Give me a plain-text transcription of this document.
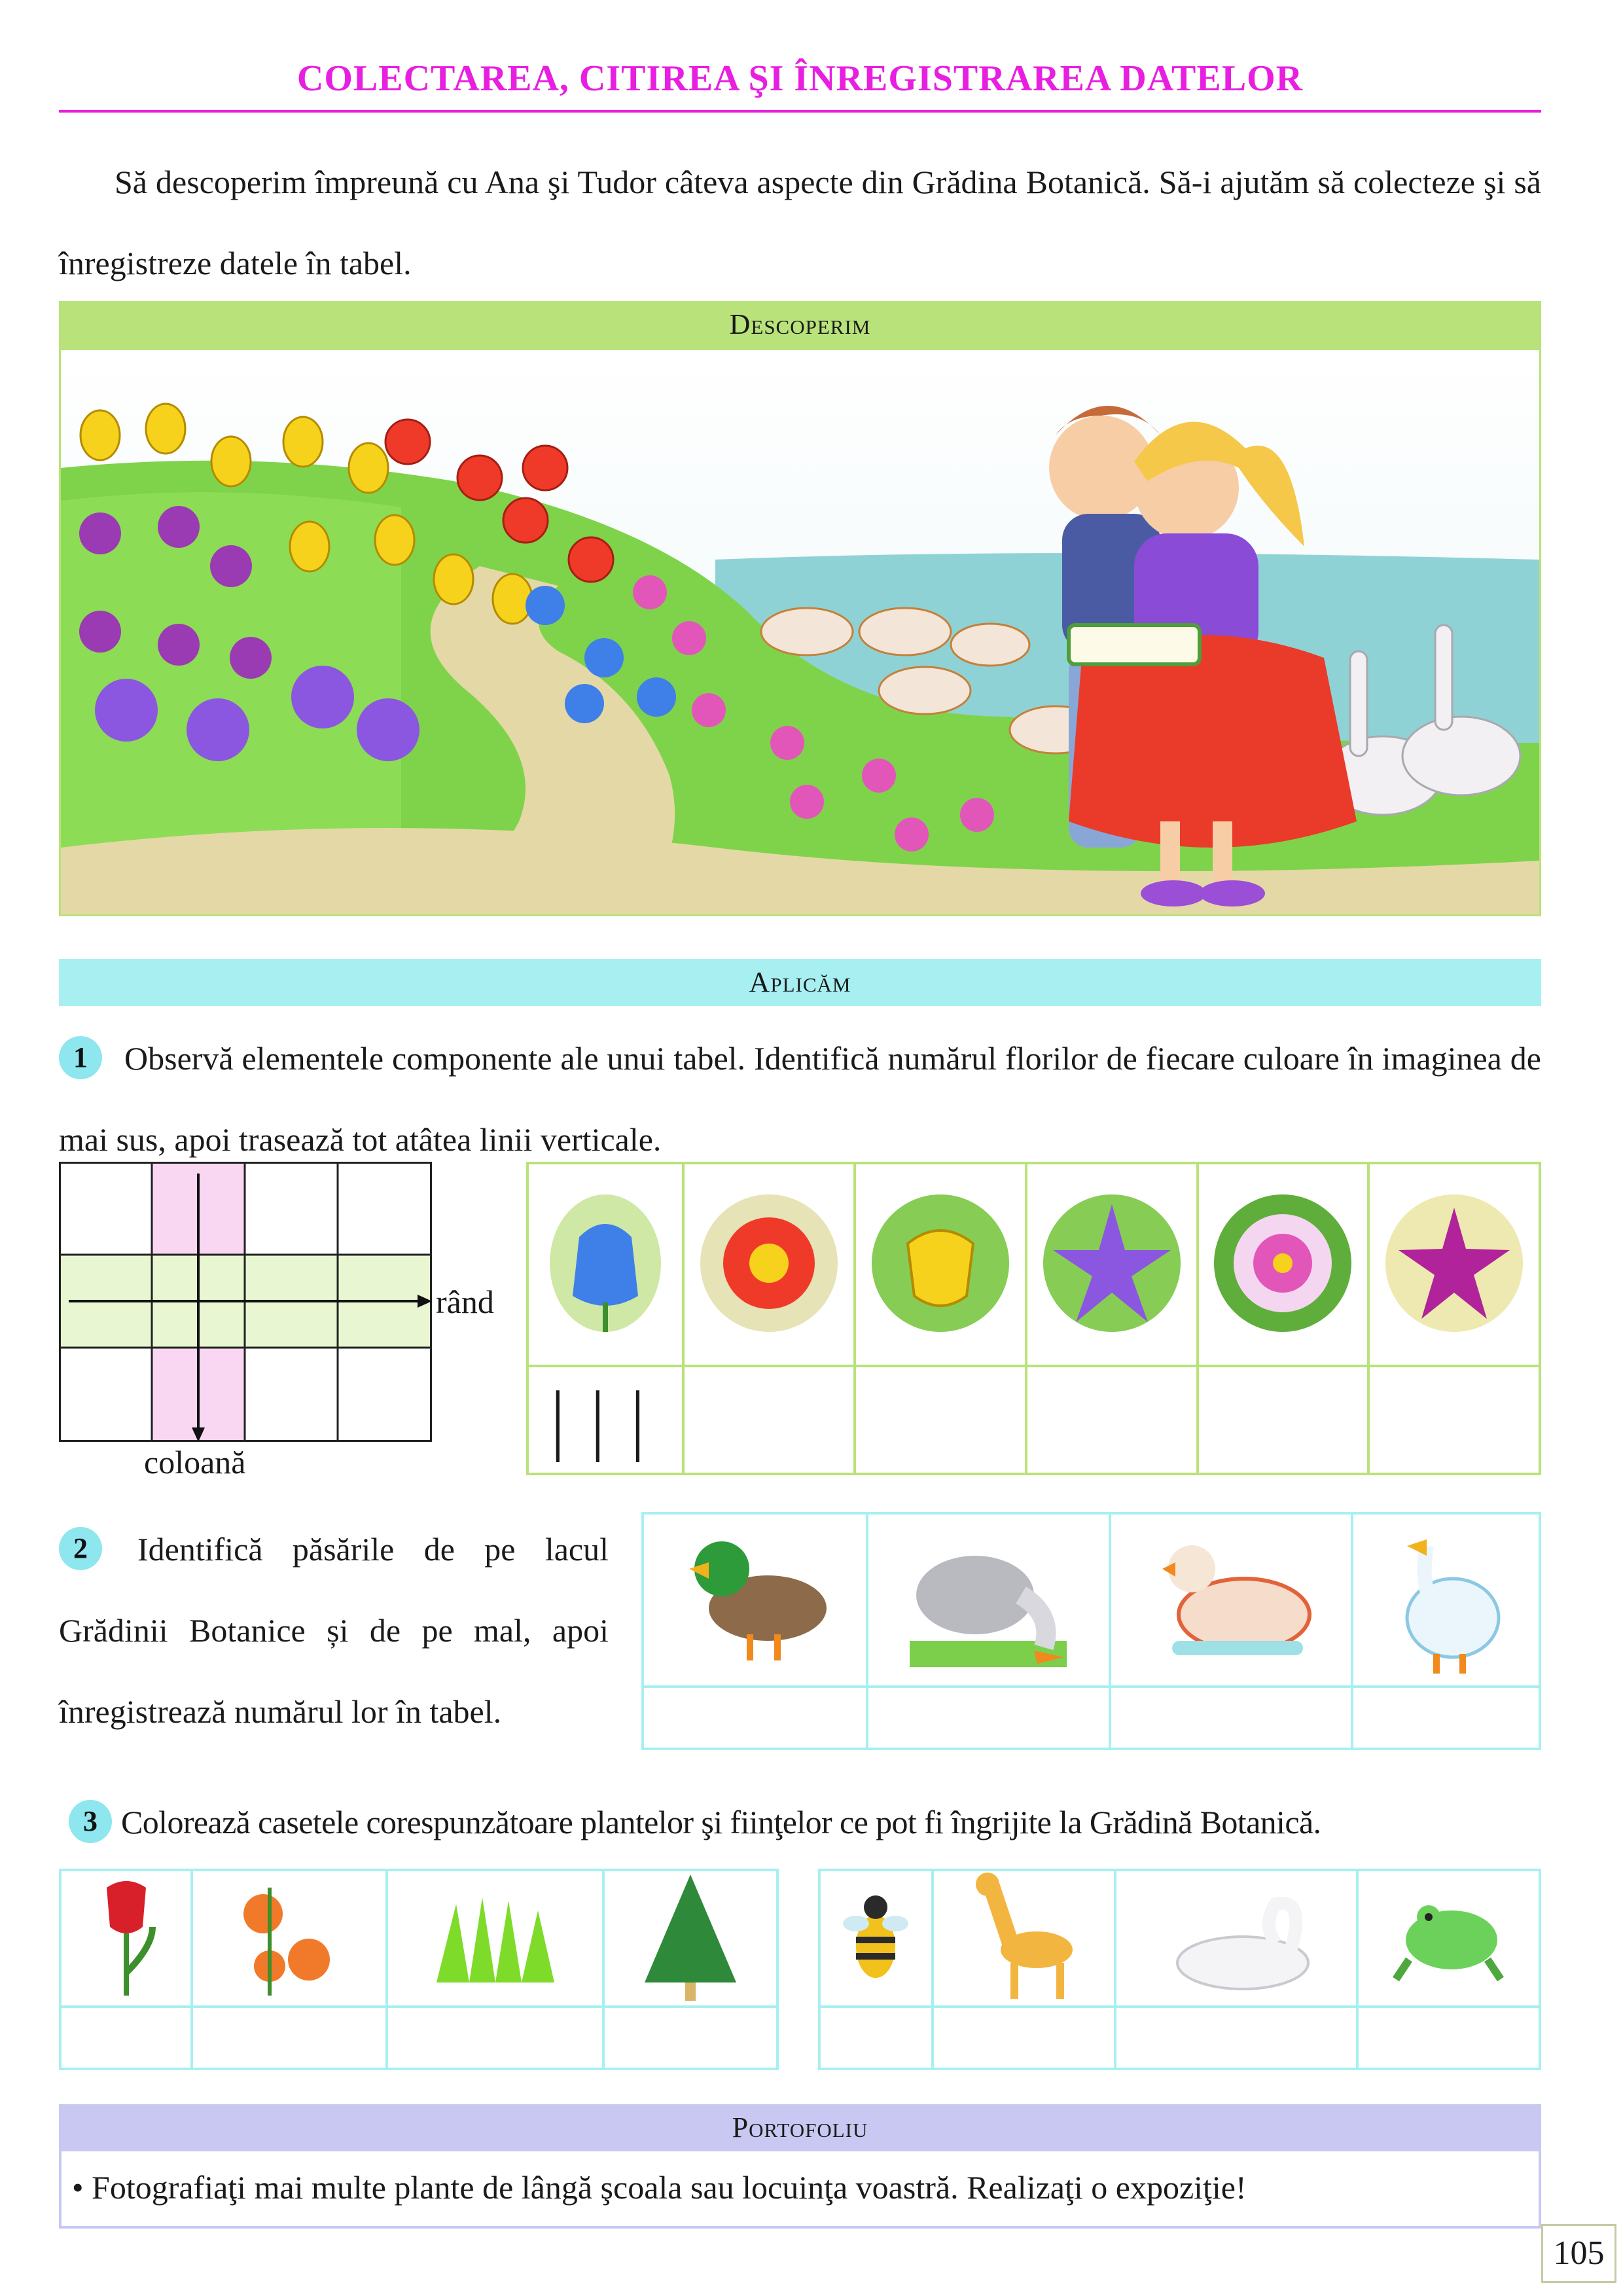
COLECTAREA, CITIREA ŞI ÎNREGISTRAREA DATELOR
Să descoperim împreună cu Ana şi Tudor câteva aspecte din Grădina Botanică. Să-i ajutăm să colecteze şi să înregistreze datele în tabel.
Descoperim
Aplicăm
1	Observă elementele componente ale unui tabel. Identifică numărul florilor de fiecare culoare în imaginea de mai sus, apoi trasează tot atâtea linii verticale.
rând
coloană

|||					
2	Identifică păsările de pe lacul Grădinii Botanice și de pe mal, apoi înregistrează numărul lor în tabel.

3 Colorează casetele corespunzătoare plantelor şi fiinţelor ce pot fi îngrijite la Grădină Botanică.

Portofoliu
• Fotografiaţi mai multe plante de lângă şcoala sau locuinţa voastră. Realizaţi o expoziţie!
105
